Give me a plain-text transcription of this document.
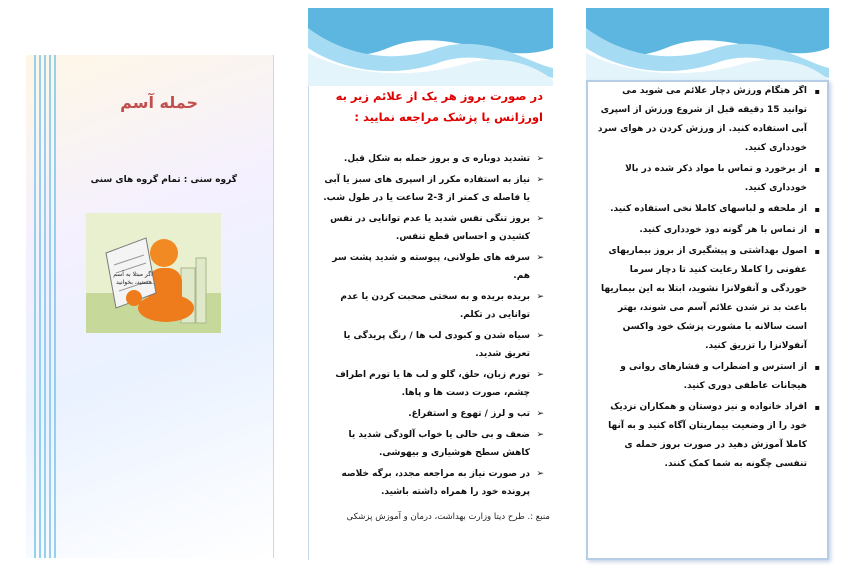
حمله آسم
گروه سنی : تمام گروه های سنی
اگر مبتلا به آسم
هستید، بخوانید.
در صورت بروز هر یک از علائم زیر به اورژانس یا پزشک مراجعه نمایید :
➢
تشدید دوباره ی و بروز حمله به شکل قبل.
➢
نیاز به استفاده مکرر از اسپری های سبز یا آبی یا فاصله ی کمتر از 3-2 ساعت یا در طول شب.
➢
بروز تنگی نفس شدید یا عدم توانایی در نفس کشیدن و احساس قطع تنفس.
➢
سرفه های طولانی، پیوسته و شدید پشت سر هم.
➢
بریده بریده و به سختی صحبت کردن یا عدم توانایی در تکلم.
➢
سیاه شدن و کبودی لب ها / رنگ پریدگی یا تعریق شدید.
➢
تورم زبان، حلق، گلو و لب ها یا تورم اطراف چشم، صورت دست ها و پاها.
➢
تب و لرز / تهوع و استفراغ.
➢
ضعف و بی حالی یا خواب آلودگی شدید یا کاهش سطح هوشیاری و بیهوشی.
➢
در صورت نیاز به مراجعه مجدد، برگه خلاصه پرونده خود را همراه داشته باشید.
منبع :. طرح دیتا وزارت بهداشت، درمان و آموزش پزشکی
▪
اگر هنگام ورزش دچار علائم می شوید می توانید 15 دقیقه قبل از شروع ورزش از اسپری آبی استفاده کنید. از ورزش کردن در هوای سرد خودداری کنید.
▪
از برخورد و تماس با مواد ذکر شده در بالا خودداری کنید.
▪
از ملحفه و لباسهای کاملا نخی استفاده کنید.
▪
از تماس با هر گونه دود خودداری کنید.
▪
اصول بهداشتی و پیشگیری از بروز بیماریهای عفونی را کاملا رعایت کنید تا دچار سرما خوردگی و آنفولانزا نشوید، ابتلا به این بیماریها باعث بد تر شدن علائم آسم می شوند، بهتر است سالانه با مشورت پزشک خود واکسن آنفولانزا را تزریق کنید.
▪
از استرس و اضطراب و فشارهای روانی و هیجانات عاطفی دوری کنید.
▪
افراد خانواده و نیز دوستان و همکاران نزدیک خود را از وضعیت بیماریتان آگاه کنید و به آنها کاملا آموزش دهید در صورت بروز حمله ی تنفسی چگونه به شما کمک کنند.
